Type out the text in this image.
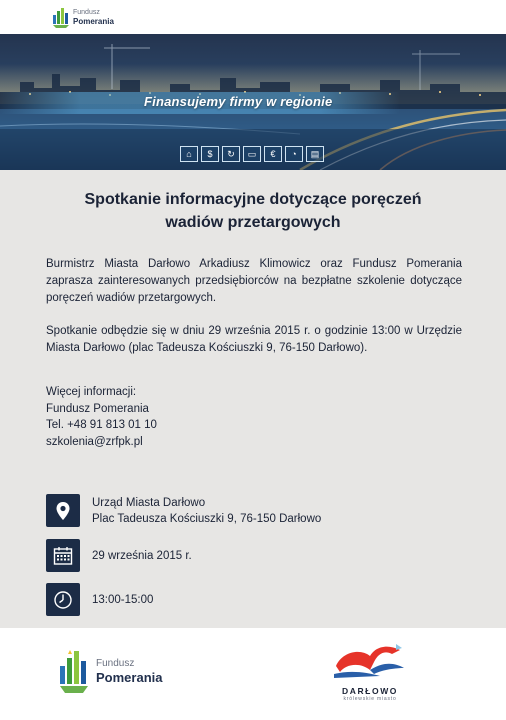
Fundusz
Pomerania
Finansujemy firmy w regionie
⌂	$	↻	▭	€	◔	▤
Spotkanie informacyjne dotyczące poręczeń
wadiów przetargowych

Burmistrz Miasta Darłowo Arkadiusz Klimowicz oraz Fundusz Pomerania zaprasza zainteresowanych przedsiębiorców na bezpłatne szkolenie dotyczące poręczeń wadiów przetargowych.

Spotkanie odbędzie się w dniu 29 września 2015 r. o godzinie 13:00 w Urzędzie Miasta Darłowo (plac Tadeusza Kościuszki 9, 76-150 Darłowo).

Więcej informacji:
Fundusz Pomerania
Tel. +48 91 813 01 10
szkolenia@zrfpk.pl
Urząd Miasta Darłowo
Plac Tadeusza Kościuszki 9, 76-150 Darłowo
29 września 2015 r.
13:00-15:00
Fundusz
Pomerania
DARŁOWO
królewskie miasto
